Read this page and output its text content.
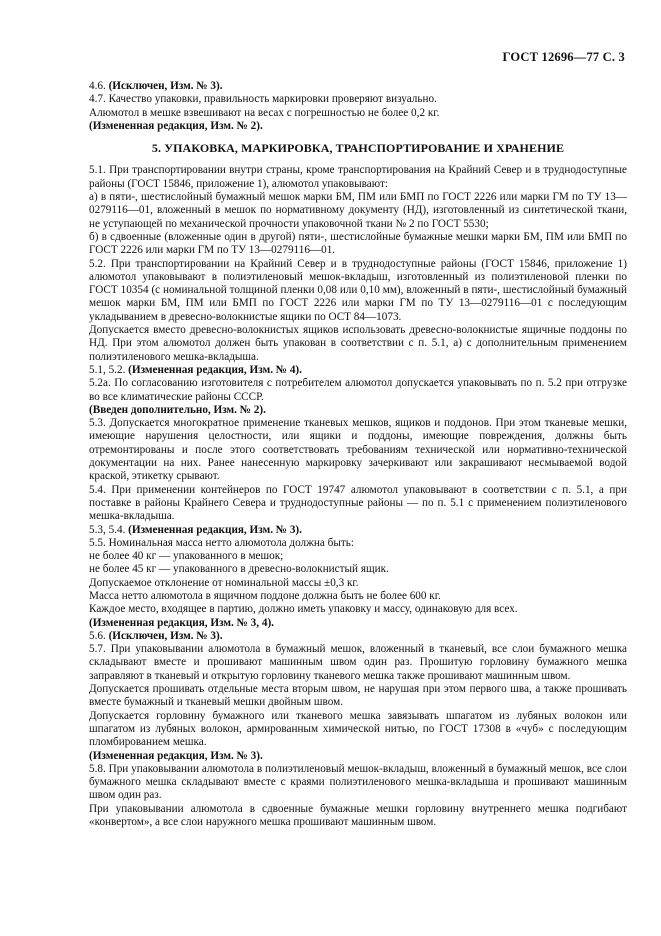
ГОСТ 12696—77 С. 3
4.6. (Исключен, Изм. № 3).
4.7. Качество упаковки, правильность маркировки проверяют визуально.
Алюмотол в мешке взвешивают на весах с погрешностью не более 0,2 кг.
(Измененная редакция, Изм. № 2).
5. УПАКОВКА, МАРКИРОВКА, ТРАНСПОРТИРОВАНИЕ И ХРАНЕНИЕ
5.1. При транспортировании внутри страны, кроме транспортирования на Крайний Север и в труднодоступные районы (ГОСТ 15846, приложение 1), алюмотол упаковывают:
а) в пяти-, шестислойный бумажный мешок марки БМ, ПМ или БМП по ГОСТ 2226 или марки ГМ по ТУ 13—0279116—01, вложенный в мешок по нормативному документу (НД), изготовленный из синтетической ткани, не уступающей по механической прочности упаковочной ткани № 2 по ГОСТ 5530;
б) в сдвоенные (вложенные один в другой) пяти-, шестислойные бумажные мешки марки БМ, ПМ или БМП по ГОСТ 2226 или марки ГМ по ТУ 13—0279116—01.
5.2. При транспортировании на Крайний Север и в труднодоступные районы (ГОСТ 15846, приложение 1) алюмотол упаковывают в полиэтиленовый мешок-вкладыш, изготовленный из полиэтиленовой пленки по ГОСТ 10354 (с номинальной толщиной пленки 0,08 или 0,10 мм), вложенный в пяти-, шестислойный бумажный мешок марки БМ, ПМ или БМП по ГОСТ 2226 или марки ГМ по ТУ 13—0279116—01 с последующим укладыванием в древесно-волокнистые ящики по ОСТ 84—1073.
Допускается вместо древесно-волокнистых ящиков использовать древесно-волокнистые ящичные поддоны по НД. При этом алюмотол должен быть упакован в соответствии с п. 5.1, а) с дополнительным применением полиэтиленового мешка-вкладыша.
5.1, 5.2. (Измененная редакция, Изм. № 4).
5.2а. По согласованию изготовителя с потребителем алюмотол допускается упаковывать по п. 5.2 при отгрузке во все климатические районы СССР.
(Введен дополнительно, Изм. № 2).
5.3. Допускается многократное применение тканевых мешков, ящиков и поддонов. При этом тканевые мешки, имеющие нарушения целостности, или ящики и поддоны, имеющие повреждения, должны быть отремонтированы и после этого соответствовать требованиям технической или нормативно-технической документации на них. Ранее нанесенную маркировку зачеркивают или закрашивают несмываемой водой краской, этикетку срывают.
5.4. При применении контейнеров по ГОСТ 19747 алюмотол упаковывают в соответствии с п. 5.1, а при поставке в районы Крайнего Севера и труднодоступные районы — по п. 5.1 с применением полиэтиленового мешка-вкладыша.
5.3, 5.4. (Измененная редакция, Изм. № 3).
5.5. Номинальная масса нетто алюмотола должна быть:
не более 40 кг — упакованного в мешок;
не более 45 кг — упакованного в древесно-волокнистый ящик.
Допускаемое отклонение от номинальной массы ±0,3 кг.
Масса нетто алюмотола в ящичном поддоне должна быть не более 600 кг.
Каждое место, входящее в партию, должно иметь упаковку и массу, одинаковую для всех.
(Измененная редакция, Изм. № 3, 4).
5.6. (Исключен, Изм. № 3).
5.7. При упаковывании алюмотола в бумажный мешок, вложенный в тканевый, все слои бумажного мешка складывают вместе и прошивают машинным швом один раз. Прошитую горловину бумажного мешка заправляют в тканевый и открытую горловину тканевого мешка также прошивают машинным швом.
Допускается прошивать отдельные места вторым швом, не нарушая при этом первого шва, а также прошивать вместе бумажный и тканевый мешки двойным швом.
Допускается горловину бумажного или тканевого мешка завязывать шпагатом из лубяных волокон или шпагатом из лубяных волокон, армированным химической нитью, по ГОСТ 17308 в «чуб» с последующим пломбированием мешка.
(Измененная редакция, Изм. № 3).
5.8. При упаковывании алюмотола в полиэтиленовый мешок-вкладыш, вложенный в бумажный мешок, все слои бумажного мешка складывают вместе с краями полиэтиленового мешка-вкладыша и прошивают машинным швом один раз.
При упаковывании алюмотола в сдвоенные бумажные мешки горловину внутреннего мешка подгибают «конвертом», а все слои наружного мешка прошивают машинным швом.
